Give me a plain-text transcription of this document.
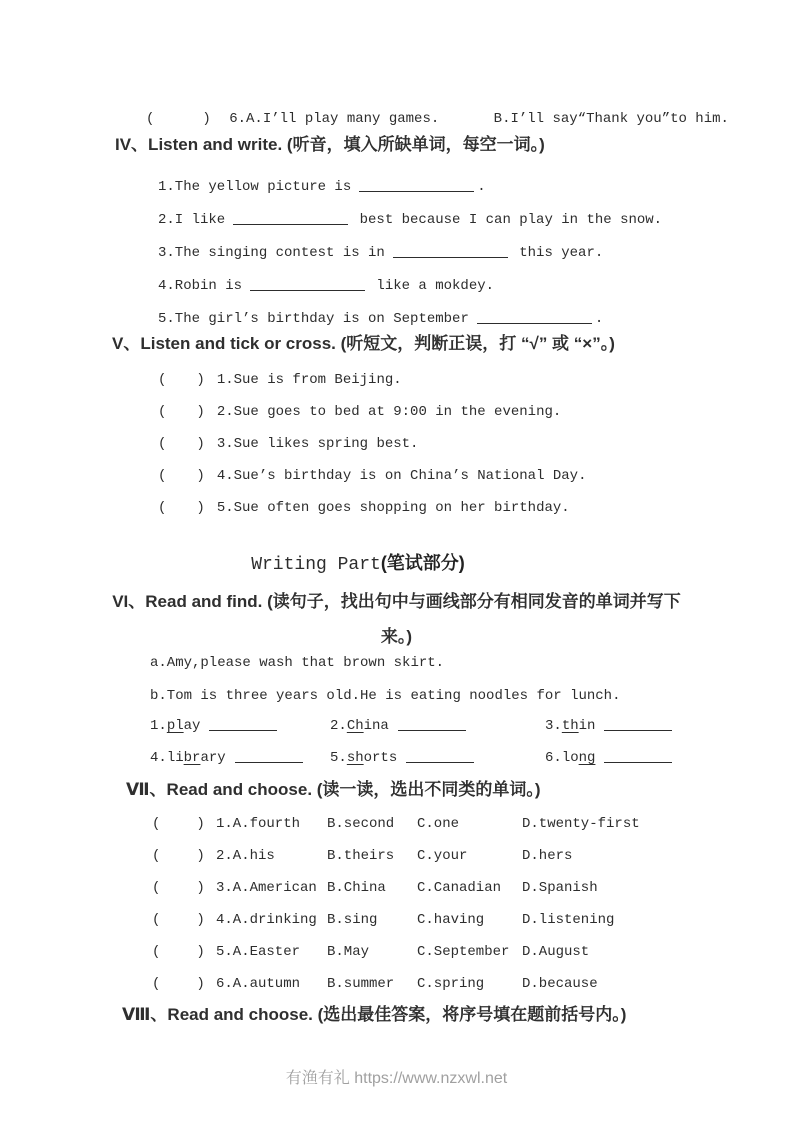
(	) 6.A.I’ll play many games.	B.I’ll say“Thank you”to him.
IV、Listen and write. (听音，填入所缺单词，每空一词。)
1.The yellow picture is	.
2.I like	best because I can play in the snow.
3.The singing contest is in	this year.
4.Robin is	like a mokdey.
5.The girl’s birthday is on September	.
V、Listen and tick or cross. (听短文，判断正误，打 “√” 或 “×”。)
( ) 1.Sue is from Beijing.
( ) 2.Sue goes to bed at 9:00 in the evening.
( ) 3.Sue likes spring best.
( ) 4.Sue’s birthday is on China’s National Day.
( ) 5.Sue often goes shopping on her birthday.
Writing Part(笔试部分)
VI、Read and find. (读句子，找出句中与画线部分有相同发音的单词并写下
来。)
a.Amy,please wash that brown skirt.
b.Tom is three years old.He is eating noodles for lunch.
1.play	2.China	3.thin
4.library	5.shorts	6.long
Ⅶ、Read and choose. (读一读，选出不同类的单词。)
(	) 1.A.fourth	B.second	C.one	D.twenty-first
(	) 2.A.his	B.theirs	C.your	D.hers
(	) 3.A.American B.China	C.Canadian	D.Spanish
(	) 4.A.drinking B.sing	C.having	D.listening
(	) 5.A.Easter	B.May	C.September D.August
(	) 6.A.autumn	B.summer	C.spring	D.because
Ⅷ、Read and choose. (选出最佳答案，将序号填在题前括号内。)
有渔有礼 https://www.nzxwl.net
